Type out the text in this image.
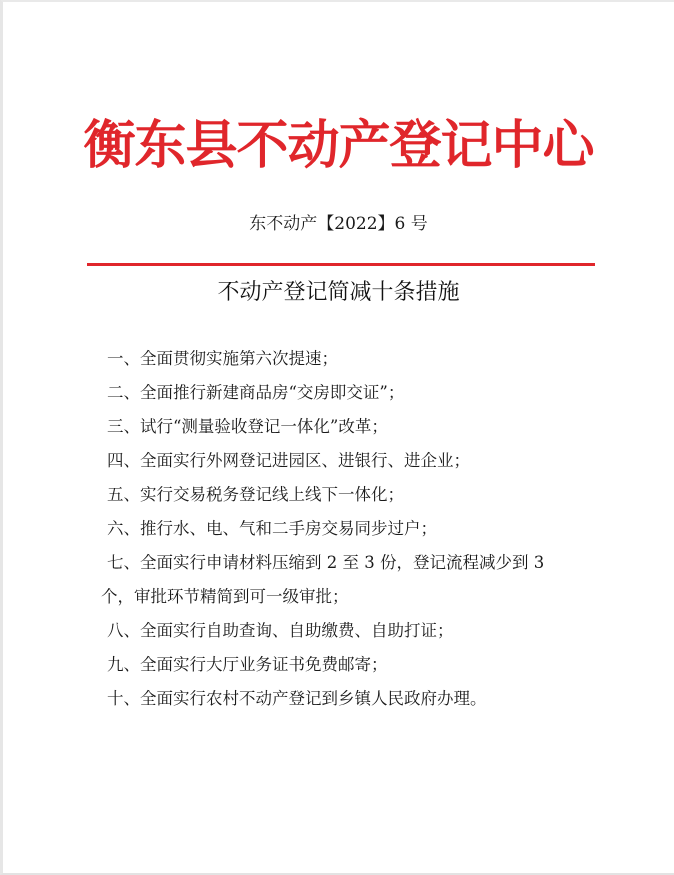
衡东县不动产登记中心
东不动产【2022】6 号
不动产登记简减十条措施
一、全面贯彻实施第六次提速；
二、全面推行新建商品房“交房即交证”；
三、试行“测量验收登记一体化”改革；
四、全面实行外网登记进园区、进银行、进企业；
五、实行交易税务登记线上线下一体化；
六、推行水、电、气和二手房交易同步过户；
七、全面实行申请材料压缩到 2 至 3 份，登记流程减少到 3
个，审批环节精简到可一级审批；
八、全面实行自助查询、自助缴费、自助打证；
九、全面实行大厅业务证书免费邮寄；
十、全面实行农村不动产登记到乡镇人民政府办理。
